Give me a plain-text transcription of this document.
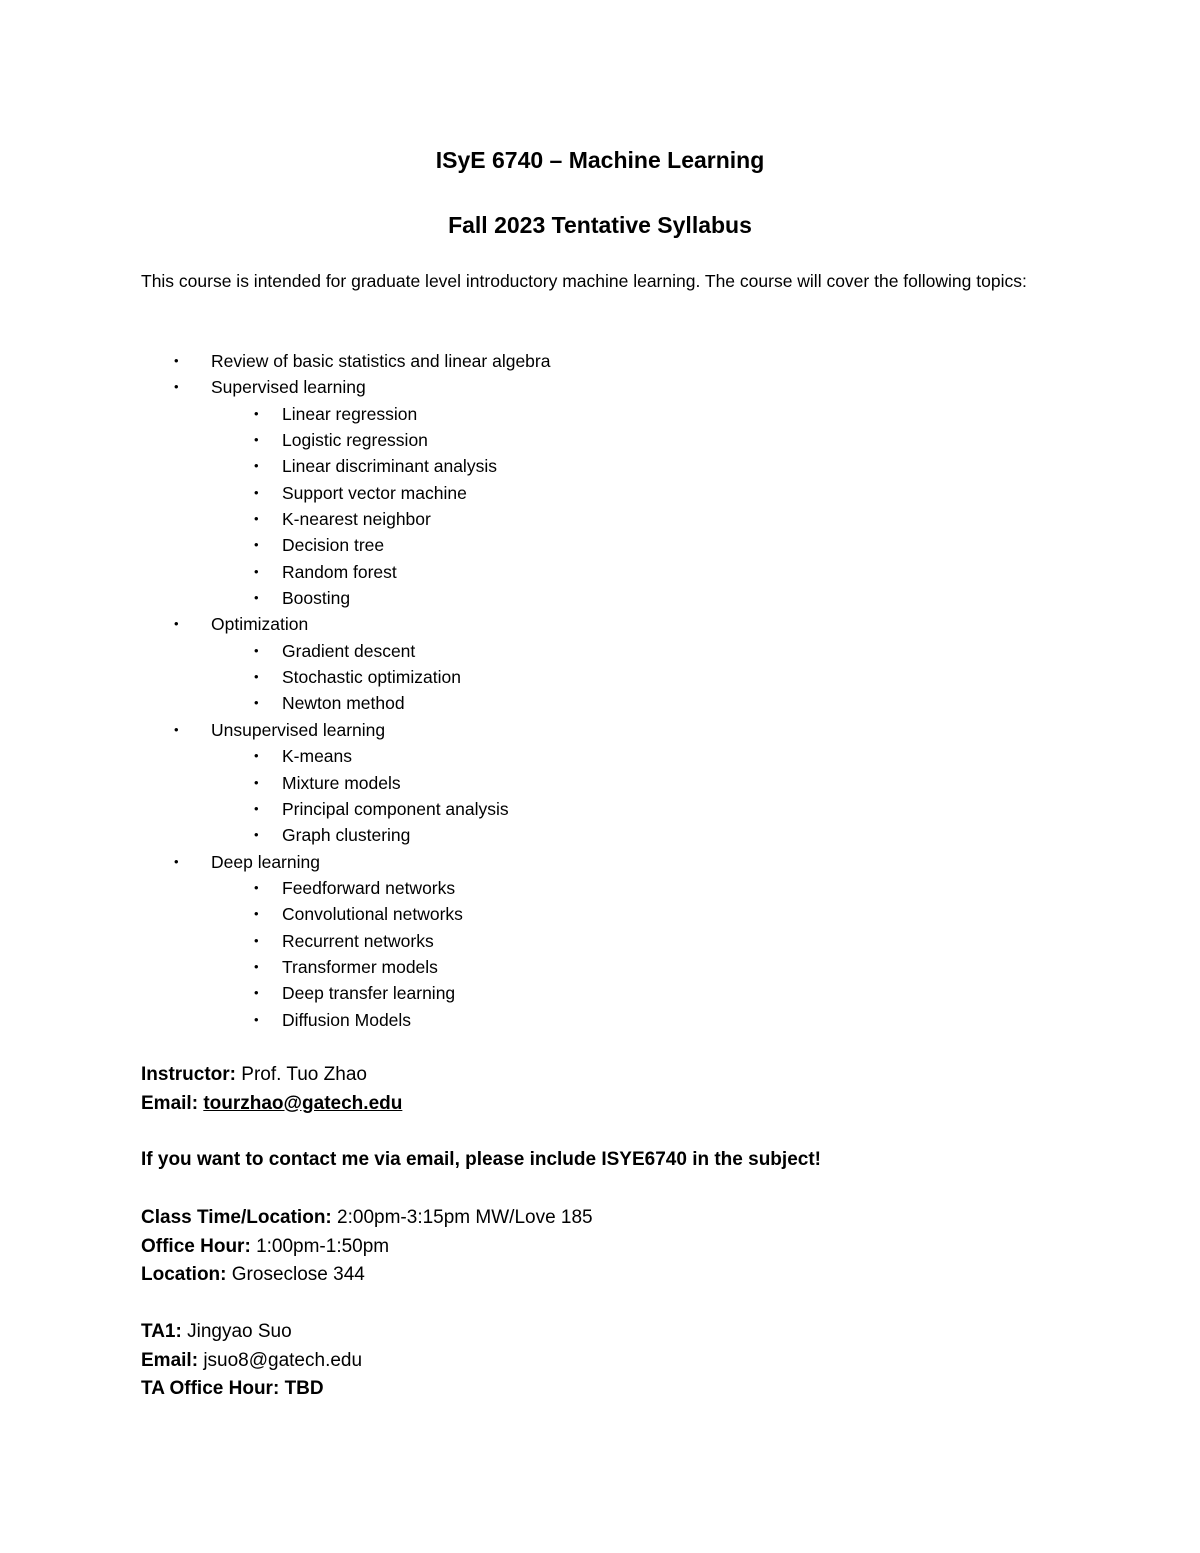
ISyE 6740 – Machine Learning
Fall 2023 Tentative Syllabus
This course is intended for graduate level introductory machine learning. The course will cover the following topics:
• Review of basic statistics and linear algebra
• Supervised learning
• Linear regression
• Logistic regression
• Linear discriminant analysis
• Support vector machine
• K-nearest neighbor
• Decision tree
• Random forest
• Boosting
• Optimization
• Gradient descent
• Stochastic optimization
• Newton method
• Unsupervised learning
• K-means
• Mixture models
• Principal component analysis
• Graph clustering
• Deep learning
• Feedforward networks
• Convolutional networks
• Recurrent networks
• Transformer models
• Deep transfer learning
• Diffusion Models
Instructor: Prof. Tuo Zhao
Email: tourzhao@gatech.edu
If you want to contact me via email, please include ISYE6740 in the subject!
Class Time/Location: 2:00pm-3:15pm MW/Love 185
Office Hour: 1:00pm-1:50pm
Location: Groseclose 344
TA1: Jingyao Suo
Email: jsuo8@gatech.edu
TA Office Hour: TBD
